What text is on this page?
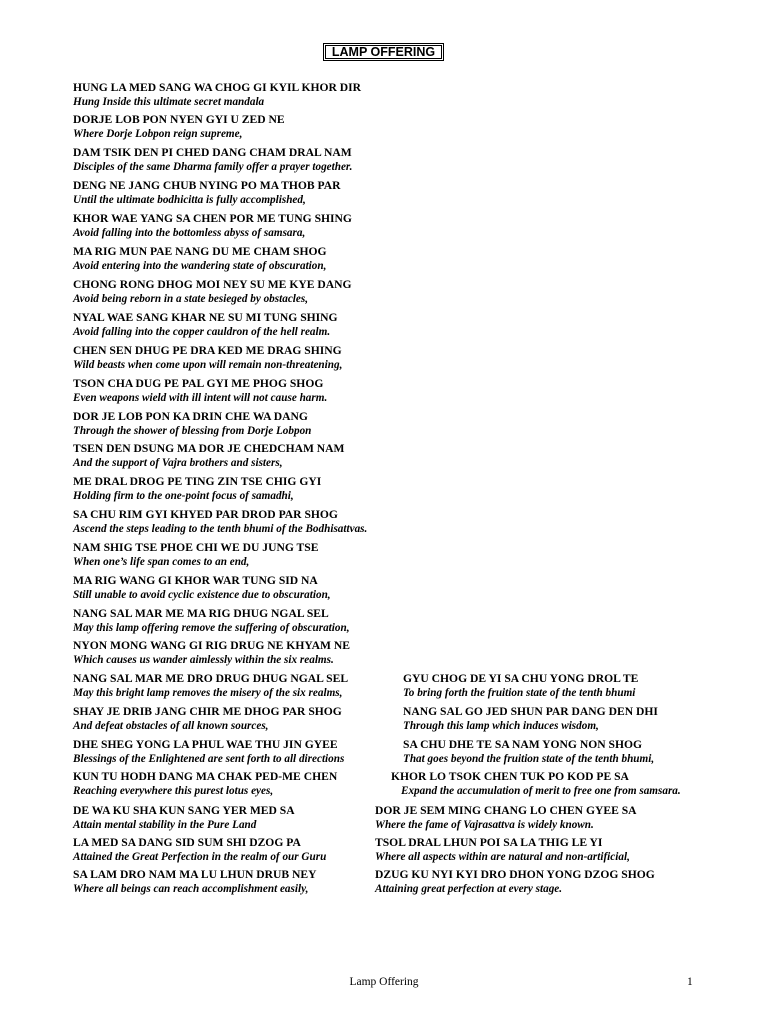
LAMP OFFERING
HUNG LA MED SANG WA CHOG GI KYIL KHOR DIR
Hung Inside this ultimate secret mandala
DORJE LOB PON NYEN GYI U ZED NE
Where Dorje Lobpon reign supreme,
DAM TSIK DEN PI CHED DANG CHAM DRAL NAM
Disciples of the same Dharma family offer a prayer together.
DENG NE JANG CHUB NYING PO MA THOB PAR
Until the ultimate bodhicitta is fully accomplished,
KHOR WAE YANG SA CHEN POR ME TUNG SHING
Avoid falling into the bottomless abyss of samsara,
MA RIG MUN PAE NANG DU ME CHAM SHOG
Avoid entering into the wandering state of obscuration,
CHONG RONG DHOG MOI NEY SU ME KYE DANG
Avoid being reborn in a state besieged by obstacles,
NYAL WAE SANG KHAR NE SU MI TUNG SHING
Avoid falling into the copper cauldron of the hell realm.
CHEN SEN DHUG PE DRA KED ME DRAG SHING
Wild beasts when come upon will remain non-threatening,
TSON CHA DUG PE PAL GYI ME PHOG SHOG
Even weapons wield with ill intent will not cause harm.
DOR JE LOB PON KA DRIN CHE WA DANG
Through the shower of blessing from Dorje Lobpon
TSEN DEN DSUNG MA DOR JE CHEDCHAM NAM
And the support of Vajra brothers and sisters,
ME DRAL DROG PE TING ZIN TSE CHIG GYI
Holding firm to the one-point focus of samadhi,
SA CHU RIM GYI KHYED PAR DROD PAR SHOG
Ascend the steps leading to the tenth bhumi of the Bodhisattvas.
NAM SHIG TSE PHOE CHI WE DU JUNG TSE
When one’s life span comes to an end,
MA RIG WANG GI KHOR WAR TUNG SID NA
Still unable to avoid cyclic existence due to obscuration,
NANG SAL MAR ME MA RIG DHUG NGAL SEL
May this lamp offering remove the suffering of obscuration,
NYON MONG WANG GI RIG DRUG NE KHYAM NE
Which causes us wander aimlessly within the six realms.
NANG SAL MAR ME DRO DRUG DHUG NGAL SEL	GYU CHOG DE YI SA CHU YONG DROL TE
May this bright lamp removes the misery of the six realms,	To bring forth the fruition state of the tenth bhumi
SHAY JE DRIB JANG CHIR ME DHOG PAR SHOG	NANG SAL GO JED SHUN PAR DANG DEN DHI
And defeat obstacles of all known sources,	Through this lamp which induces wisdom,
DHE SHEG YONG LA PHUL WAE THU JIN GYEE	SA CHU DHE TE SA NAM YONG NON SHOG
Blessings of the Enlightened are sent forth to all directions	That goes beyond the fruition state of the tenth bhumi,
KUN TU HODH DANG MA CHAK PED-ME CHEN	KHOR LO TSOK CHEN TUK PO KOD PE SA
Reaching everywhere this purest lotus eyes,	Expand the accumulation of merit to free one from samsara.
DE WA KU SHA KUN SANG YER MED SA	DOR JE SEM MING CHANG LO CHEN GYEE SA
Attain mental stability in the Pure Land	Where the fame of Vajrasattva is widely known.
LA MED SA DANG SID SUM SHI DZOG PA	TSOL DRAL LHUN POI SA LA THIG LE YI
Attained the Great Perfection in the realm of our Guru	Where all aspects within are natural and non-artificial,
SA LAM DRO NAM MA LU LHUN DRUB NEY	DZUG KU NYI KYI DRO DHON YONG DZOG SHOG
Where all beings can reach accomplishment easily,	Attaining great perfection at every stage.
Lamp Offering	1
